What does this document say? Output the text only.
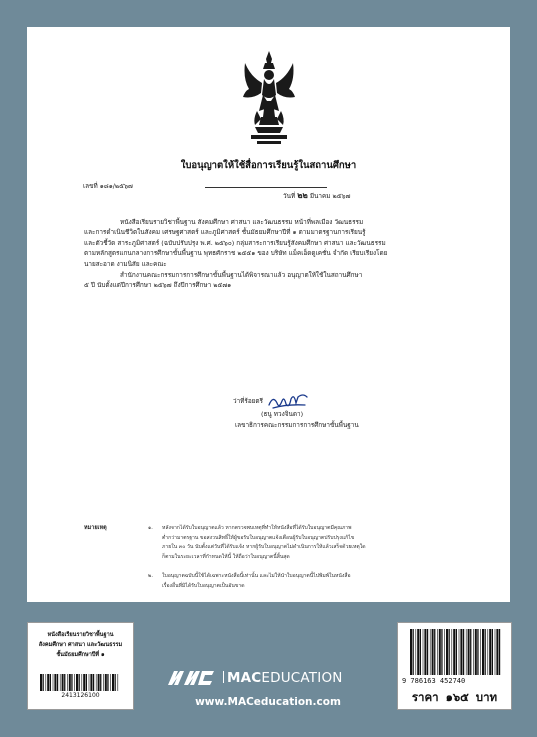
ใบอนุญาตให้ใช้สื่อการเรียนรู้ในสถานศึกษา
เลขที่ ๑๘๑/๒๕๖๗
วันที่ ๒๒ มีนาคม ๒๕๖๗
หนังสือเรียนรายวิชาพื้นฐาน สังคมศึกษา ศาสนา และวัฒนธรรม หน้าที่พลเมือง วัฒนธรรม
และการดำเนินชีวิตในสังคม เศรษฐศาสตร์ และภูมิศาสตร์ ชั้นมัธยมศึกษาปีที่ ๑ ตามมาตรฐานการเรียนรู้
และตัวชี้วัด สาระภูมิศาสตร์ (ฉบับปรับปรุง พ.ศ. ๒๕๖๐) กลุ่มสาระการเรียนรู้สังคมศึกษา ศาสนา และวัฒนธรรม
ตามหลักสูตรแกนกลางการศึกษาขั้นพื้นฐาน พุทธศักราช ๒๕๕๑ ของ บริษัท แม็คเอ็ดดูเคชั่น จำกัด เรียบเรียงโดย
นายสะอาด งามนิสัย และคณะ
สำนักงานคณะกรรมการการศึกษาขั้นพื้นฐานได้พิจารณาแล้ว อนุญาตให้ใช้ในสถานศึกษา
๕ ปี นับตั้งแต่ปีการศึกษา ๒๕๖๗ ถึงปีการศึกษา ๒๕๗๑
ว่าที่ร้อยตรี
(ธนู ทวงจินดา)
เลขาธิการคณะกรรมการการศึกษาขั้นพื้นฐาน
หมายเหตุ	๑. หลังจากได้รับใบอนุญาตแล้ว หากตรวจพบเหตุที่ทำให้หนังสือที่ได้รับใบอนุญาตมีคุณภาพ
ต่ำกว่ามาตรฐาน ขอสงวนสิทธิ์ให้ผู้ขอรับใบอนุญาตแจ้งเตือนผู้รับใบอนุญาตปรับปรุงแก้ไข
ภายใน ๓๐ วัน นับตั้งแต่วันที่ได้รับแจ้ง หากผู้รับใบอนุญาตไม่ดำเนินการให้แล้วเสร็จด้วยเหตุใด
ก็ตามในระยะเวลาที่กำหนดให้นี้ ให้ถือว่าใบอนุญาตนี้สิ้นสุด
๒. ใบอนุญาตฉบับนี้ใช้ได้เฉพาะหนังสือนี้เท่านั้น และไม่ให้นำใบอนุญาตนี้ไปพิมพ์ในหนังสือ
เรื่องอื่นที่มิได้รับใบอนุญาตเป็นอันขาด
หนังสือเรียนรายวิชาพื้นฐาน
สังคมศึกษา ศาสนา และวัฒนธรรม
ชั้นมัธยมศึกษาปีที่ ๑
2413126100
MACEDUCATION
www.MACeducation.com
9 786163 452740
ราคา ๑๖๕ บาท
